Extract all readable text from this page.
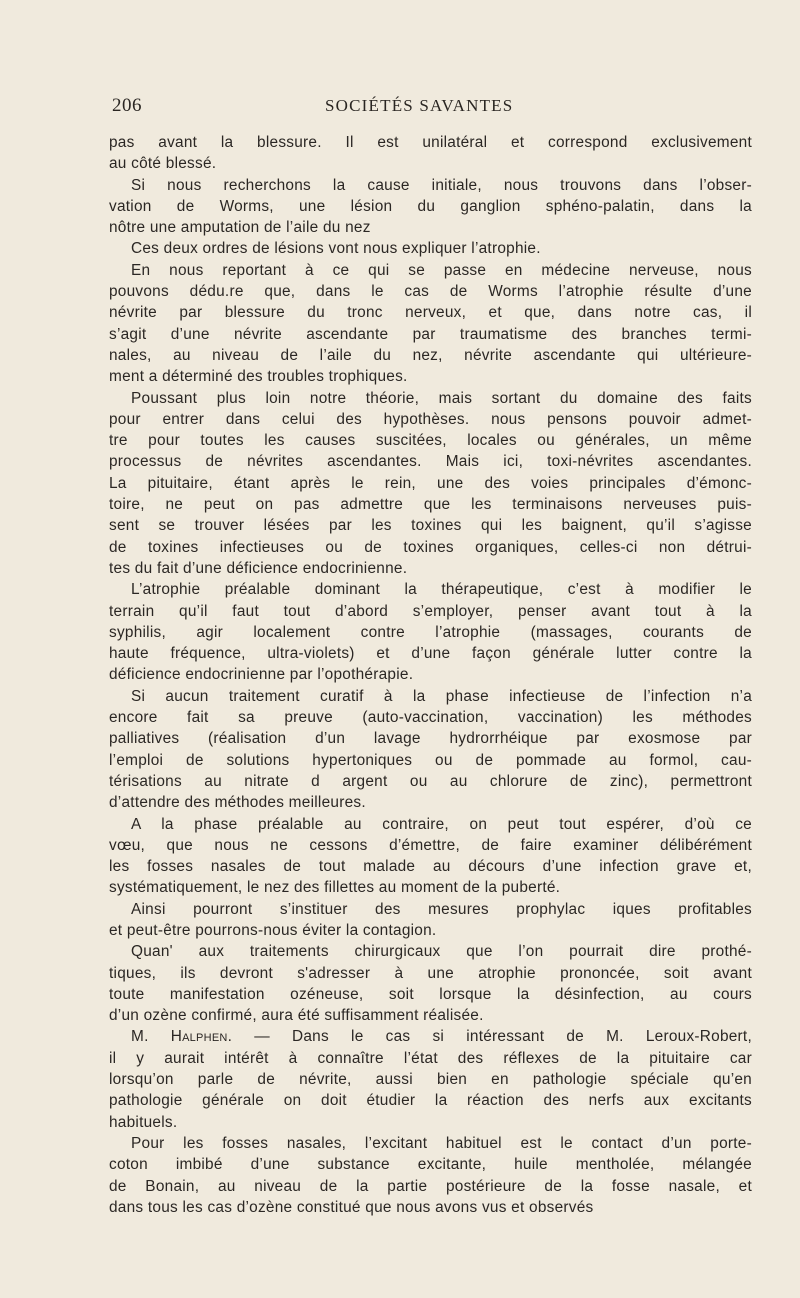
206	SOCIÉTÉS SAVANTES
pas avant la blessure. Il est unilatéral et correspond exclusivement
au côté blessé.
Si nous recherchons la cause initiale, nous trouvons dans l’obser-
vation de Worms, une lésion du ganglion sphéno-palatin, dans la
nôtre une amputation de l’aile du nez
Ces deux ordres de lésions vont nous expliquer l’atrophie.
En nous reportant à ce qui se passe en médecine nerveuse, nous
pouvons dédu.re que, dans le cas de Worms l’atrophie résulte d’une
névrite par blessure du tronc nerveux, et que, dans notre cas, il
s’agit d’une névrite ascendante par traumatisme des branches termi-
nales, au niveau de l’aile du nez, névrite ascendante qui ultérieure-
ment a déterminé des troubles trophiques.
Poussant plus loin notre théorie, mais sortant du domaine des faits
pour entrer dans celui des hypothèses. nous pensons pouvoir admet-
tre pour toutes les causes suscitées, locales ou générales, un même
processus de névrites ascendantes. Mais ici, toxi-névrites ascendantes.
La pituitaire, étant après le rein, une des voies principales d’émonc-
toire, ne peut on pas admettre que les terminaisons nerveuses puis-
sent se trouver lésées par les toxines qui les baignent, qu’il s’agisse
de toxines infectieuses ou de toxines organiques, celles-ci non détrui-
tes du fait d’une déficience endocrinienne.
L’atrophie préalable dominant la thérapeutique, c’est à modifier le
terrain qu’il faut tout d’abord s’employer, penser avant tout à la
syphilis, agir localement contre l’atrophie (massages, courants de
haute fréquence, ultra-violets) et d’une façon générale lutter contre la
déficience endocrinienne par l’opothérapie.
Si aucun traitement curatif à la phase infectieuse de l’infection n’a
encore fait sa preuve (auto-vaccination, vaccination) les méthodes
palliatives (réalisation d’un lavage hydrorrhéique par exosmose par
l’emploi de solutions hypertoniques ou de pommade au formol, cau-
térisations au nitrate d argent ou au chlorure de zinc), permettront
d’attendre des méthodes meilleures.
A la phase préalable au contraire, on peut tout espérer, d’où ce
vœu, que nous ne cessons d’émettre, de faire examiner délibérément
les fosses nasales de tout malade au décours d’une infection grave et,
systématiquement, le nez des fillettes au moment de la puberté.
Ainsi pourront s’instituer des mesures prophylac iques profitables
et peut-être pourrons-nous éviter la contagion.
Quan' aux traitements chirurgicaux que l’on pourrait dire prothé-
tiques, ils devront s'adresser à une atrophie prononcée, soit avant
toute manifestation ozéneuse, soit lorsque la désinfection, au cours
d’un ozène confirmé, aura été suffisamment réalisée.
M. Halphen. — Dans le cas si intéressant de M. Leroux-Robert,
il y aurait intérêt à connaître l’état des réflexes de la pituitaire car
lorsqu’on parle de névrite, aussi bien en pathologie spéciale qu’en
pathologie générale on doit étudier la réaction des nerfs aux excitants
habituels.
Pour les fosses nasales, l’excitant habituel est le contact d’un porte-
coton imbibé d’une substance excitante, huile mentholée, mélangée
de Bonain, au niveau de la partie postérieure de la fosse nasale, et
dans tous les cas d’ozène constitué que nous avons vus et observés
